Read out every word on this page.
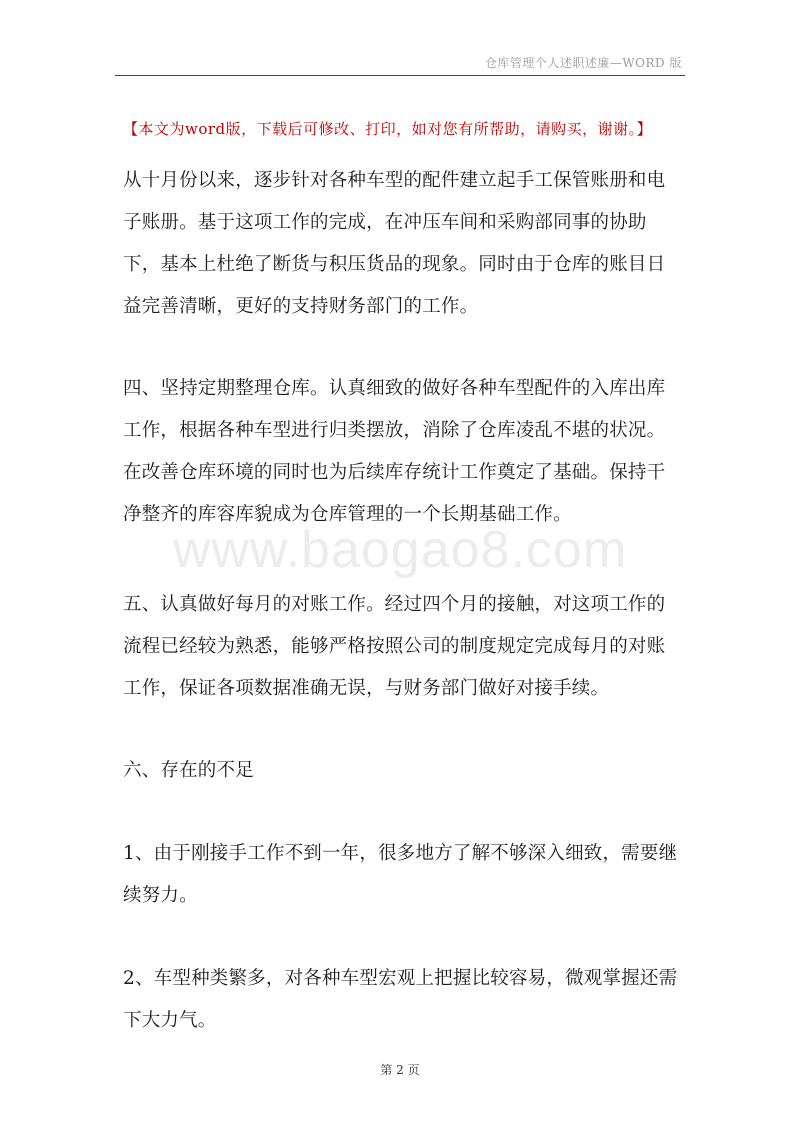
仓库管理个人述职述廉—WORD 版
【本文为word版，下载后可修改、打印，如对您有所帮助，请购买，谢谢。】

从十月份以来，逐步针对各种车型的配件建立起手工保管账册和电子账册。基于这项工作的完成，在冲压车间和采购部同事的协助下，基本上杜绝了断货与积压货品的现象。同时由于仓库的账目日益完善清晰，更好的支持财务部门的工作。

四、坚持定期整理仓库。认真细致的做好各种车型配件的入库出库工作，根据各种车型进行归类摆放，消除了仓库凌乱不堪的状况。在改善仓库环境的同时也为后续库存统计工作奠定了基础。保持干净整齐的库容库貌成为仓库管理的一个长期基础工作。

www.baogao8.com

五、认真做好每月的对账工作。经过四个月的接触，对这项工作的流程已经较为熟悉，能够严格按照公司的制度规定完成每月的对账工作，保证各项数据准确无误，与财务部门做好对接手续。

六、存在的不足

1、由于刚接手工作不到一年，很多地方了解不够深入细致，需要继续努力。

2、车型种类繁多，对各种车型宏观上把握比较容易，微观掌握还需下大力气。

第 2 页
